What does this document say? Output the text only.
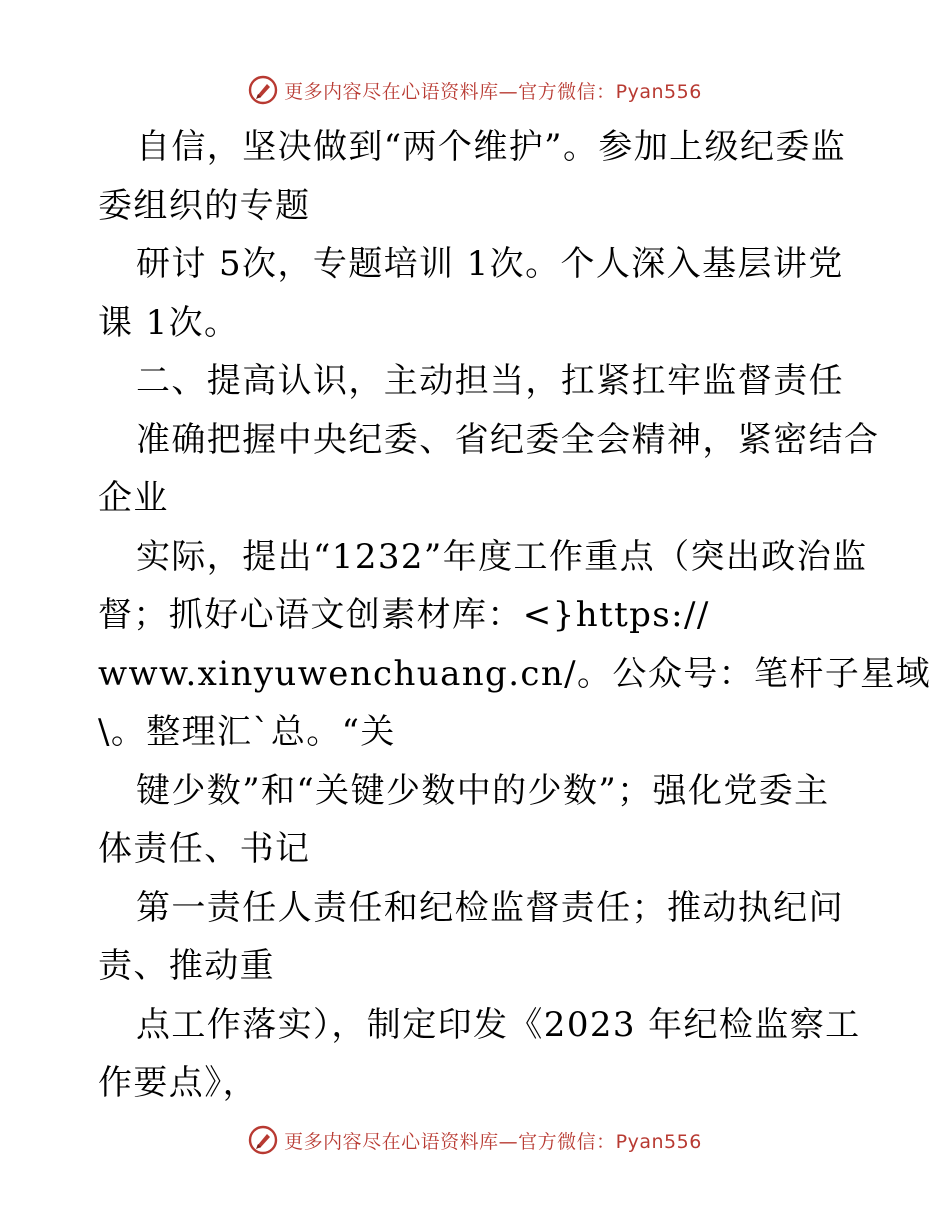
更多内容尽在心语资料库—官方微信：Pyan556
自信，坚决做到“两个维护”。参加上级纪委监
委组织的专题
研讨 5次，专题培训 1次。个人深入基层讲党
课 1次。
二、提高认识，主动担当，扛紧扛牢监督责任
准确把握中央纪委、省纪委全会精神，紧密结合
企业
实际，提出“1232”年度工作重点（突出政治监
督；抓好心语文创素材库：<}https://
www.xinyuwenchuang.cn/。公众号：笔杆子星域
\。整理汇`总。“关
键少数”和“关键少数中的少数”；强化党委主
体责任、书记
第一责任人责任和纪检监督责任；推动执纪问
责、推动重
点工作落实），制定印发《2023 年纪检监察工
作要点》，
更多内容尽在心语资料库—官方微信：Pyan556
